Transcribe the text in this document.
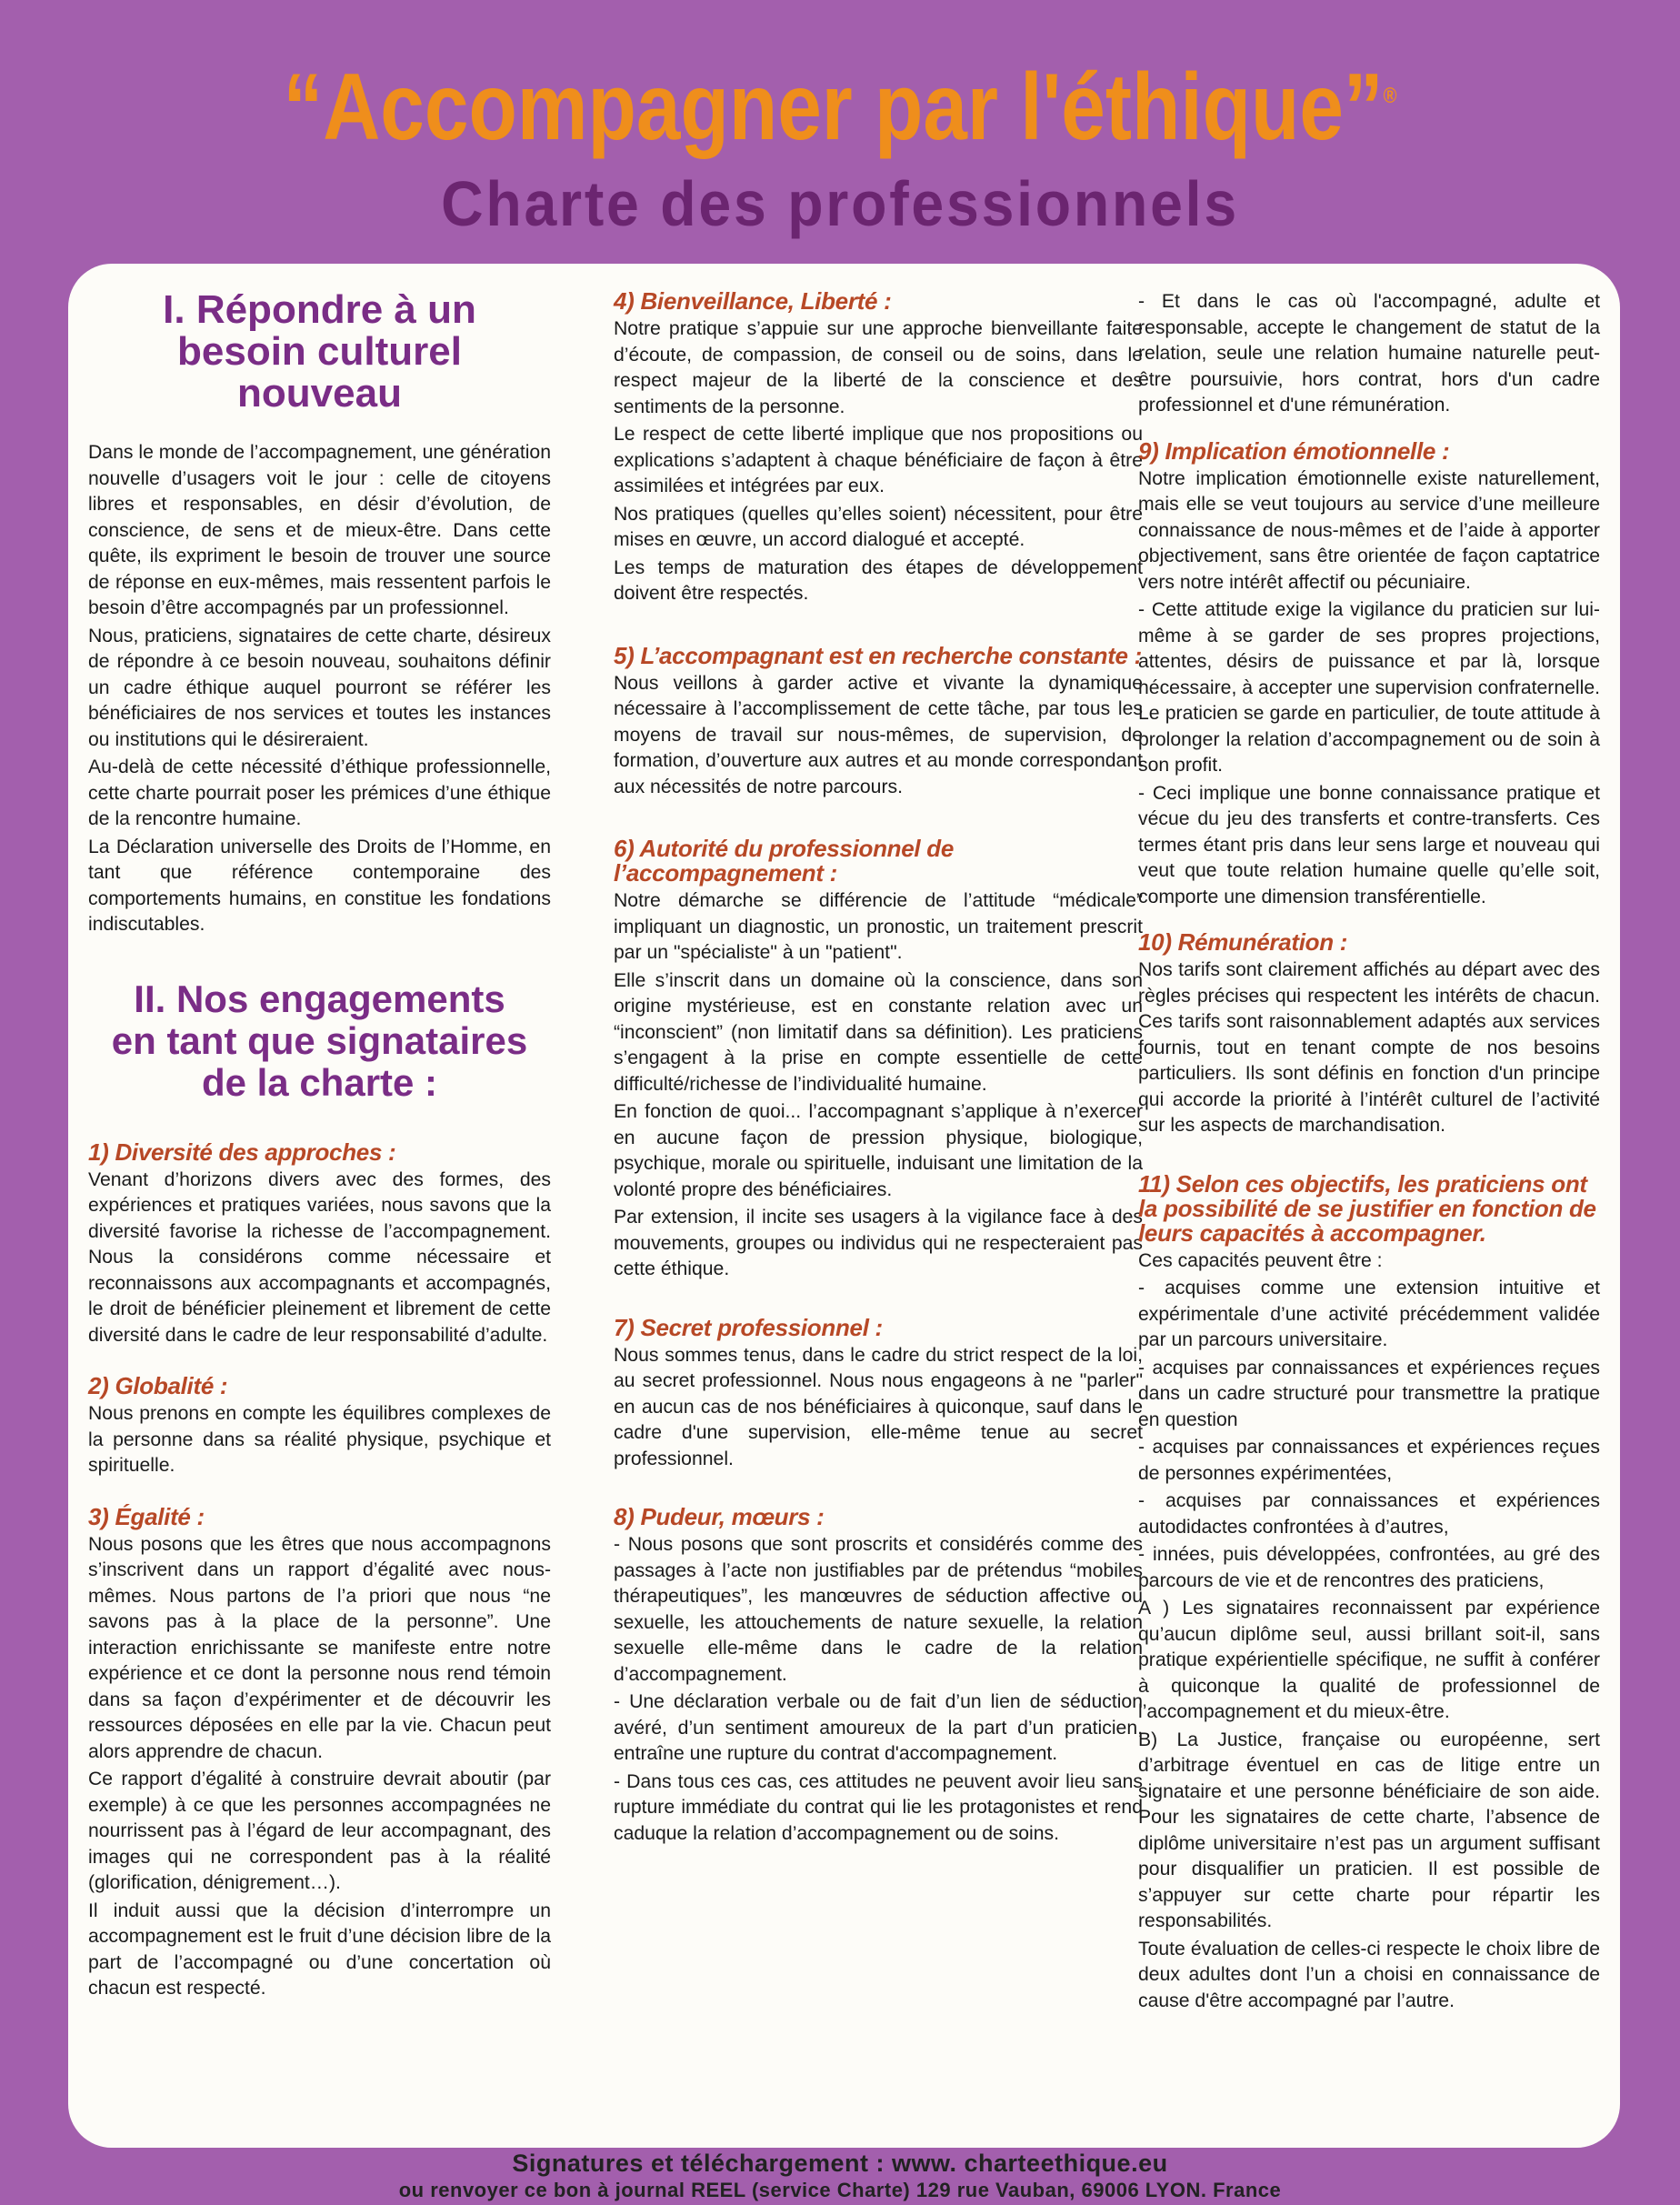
“Accompagner par l'éthique”®
Charte des professionnels
I. Répondre à un
besoin culturel
nouveau

Dans le monde de l’accompagnement, une génération nouvelle d’usagers voit le jour : celle de citoyens libres et responsables, en désir d’évolution, de conscience, de sens et de mieux-être. Dans cette quête, ils expriment le besoin de trouver une source de réponse en eux-mêmes, mais ressentent parfois le besoin d’être accompagnés par un professionnel.

Nous, praticiens, signataires de cette charte, désireux de répondre à ce besoin nouveau, souhaitons définir un cadre éthique auquel pourront se référer les bénéficiaires de nos services et toutes les instances ou institutions qui le désireraient.

Au-delà de cette nécessité d’éthique professionnelle, cette charte pourrait poser les prémices d’une éthique de la rencontre humaine.

La Déclaration universelle des Droits de l’Homme, en tant que référence contemporaine des comportements humains, en constitue les fondations indiscutables.

II. Nos engagements
en tant que signataires
de la charte :
1) Diversité des approches :

Venant d’horizons divers avec des formes, des expériences et pratiques variées, nous savons que la diversité favorise la richesse de l’accompagnement. Nous la considérons comme nécessaire et reconnaissons aux accompagnants et accompagnés, le droit de bénéficier pleinement et librement de cette diversité dans le cadre de leur responsabilité d’adulte.

2) Globalité :

Nous prenons en compte les équilibres complexes de la personne dans sa réalité physique, psychique et spirituelle.

3) Égalité :

Nous posons que les êtres que nous accompagnons s’inscrivent dans un rapport d’égalité avec nous-mêmes. Nous partons de l’a priori que nous “ne savons pas à la place de la personne”. Une interaction enrichissante se manifeste entre notre expérience et ce dont la personne nous rend témoin dans sa façon d’expérimenter et de découvrir les ressources déposées en elle par la vie. Chacun peut alors apprendre de chacun.

Ce rapport d’égalité à construire devrait aboutir (par exemple) à ce que les personnes accompagnées ne nourrissent pas à l’égard de leur accompagnant, des images qui ne correspondent pas à la réalité (glorification, dénigrement…).

Il induit aussi que la décision d’interrompre un accompagnement est le fruit d’une décision libre de la part de l’accompagné ou d’une concertation où chacun est respecté.

4) Bienveillance, Liberté :

Notre pratique s’appuie sur une approche bienveillante faite d’écoute, de compassion, de conseil ou de soins, dans le respect majeur de la liberté de la conscience et des sentiments de la personne.

Le respect de cette liberté implique que nos propositions ou explications s’adaptent à chaque bénéficiaire de façon à être assimilées et intégrées par eux.

Nos pratiques (quelles qu’elles soient) nécessitent, pour être mises en œuvre, un accord dialogué et accepté.

Les temps de maturation des étapes de développement doivent être respectés.

5) L’accompagnant est en recherche constante :

Nous veillons à garder active et vivante la dynamique nécessaire à l’accomplissement de cette tâche, par tous les moyens de travail sur nous-mêmes, de supervision, de formation, d’ouverture aux autres et au monde correspondant aux nécessités de notre parcours.

6) Autorité du professionnel de l’accompagnement :

Notre démarche se différencie de l’attitude “médicale” impliquant un diagnostic, un pronostic, un traitement prescrit par un "spécialiste" à un "patient".

Elle s’inscrit dans un domaine où la conscience, dans son origine mystérieuse, est en constante relation avec un “inconscient” (non limitatif dans sa définition). Les praticiens s’engagent à la prise en compte essentielle de cette difficulté/richesse de l’individualité humaine.

En fonction de quoi... l’accompagnant s’applique à n’exercer en aucune façon de pression physique, biologique, psychique, morale ou spirituelle, induisant une limitation de la volonté propre des bénéficiaires.

Par extension, il incite ses usagers à la vigilance face à des mouvements, groupes ou individus qui ne respecteraient pas cette éthique.

7) Secret professionnel :

Nous sommes tenus, dans le cadre du strict respect de la loi, au secret professionnel. Nous nous engageons à ne "parler" en aucun cas de nos bénéficiaires à quiconque, sauf dans le cadre d'une supervision, elle-même tenue au secret professionnel.

8) Pudeur, mœurs :

- Nous posons que sont proscrits et considérés comme des passages à l’acte non justifiables par de prétendus “mobiles thérapeutiques”, les manœuvres de séduction affective ou sexuelle, les attouchements de nature sexuelle, la relation sexuelle elle-même dans le cadre de la relation d’accompagnement.

- Une déclaration verbale ou de fait d’un lien de séduction avéré, d’un sentiment amoureux de la part d’un praticien, entraîne une rupture du contrat d'accompagnement.

- Dans tous ces cas, ces attitudes ne peuvent avoir lieu sans rupture immédiate du contrat qui lie les protagonistes et rend caduque la relation d’accompagnement ou de soins.

- Et dans le cas où l'accompagné, adulte et responsable, accepte le changement de statut de la relation, seule une relation humaine naturelle peut-être poursuivie, hors contrat, hors d'un cadre professionnel et d'une rémunération.

9) Implication émotionnelle :

Notre implication émotionnelle existe naturellement, mais elle se veut toujours au service d’une meilleure connaissance de nous-mêmes et de l’aide à apporter objectivement, sans être orientée de façon captatrice vers notre intérêt affectif ou pécuniaire.

- Cette attitude exige la vigilance du praticien sur lui-même à se garder de ses propres projections, attentes, désirs de puissance et par là, lorsque nécessaire, à accepter une supervision confraternelle. Le praticien se garde en particulier, de toute attitude à prolonger la relation d’accompagnement ou de soin à son profit.

- Ceci implique une bonne connaissance pratique et vécue du jeu des transferts et contre-transferts. Ces termes étant pris dans leur sens large et nouveau qui veut que toute relation humaine quelle qu’elle soit, comporte une dimension transférentielle.

10) Rémunération :

Nos tarifs sont clairement affichés au départ avec des règles précises qui respectent les intérêts de chacun. Ces tarifs sont raisonnablement adaptés aux services fournis, tout en tenant compte de nos besoins particuliers. Ils sont définis en fonction d'un principe qui accorde la priorité à l’intérêt culturel de l’activité sur les aspects de marchandisation.

11) Selon ces objectifs, les praticiens ont la possibilité de se justifier en fonction de leurs capacités à accompagner.

Ces capacités peuvent être :

- acquises comme une extension intuitive et expérimentale d’une activité précédemment validée par un parcours universitaire.

- acquises par connaissances et expériences reçues dans un cadre structuré pour transmettre la pratique en question

- acquises par connaissances et expériences reçues de personnes expérimentées,

- acquises par connaissances et expériences autodidactes confrontées à d’autres,

- innées, puis développées, confrontées, au gré des parcours de vie et de rencontres des praticiens,

A ) Les signataires reconnaissent par expérience qu’aucun diplôme seul, aussi brillant soit-il, sans pratique expérientielle spécifique, ne suffit à conférer à quiconque la qualité de professionnel de l’accompagnement et du mieux-être.

B) La Justice, française ou européenne, sert d’arbitrage éventuel en cas de litige entre un signataire et une personne bénéficiaire de son aide. Pour les signataires de cette charte, l’absence de diplôme universitaire n’est pas un argument suffisant pour disqualifier un praticien. Il est possible de s’appuyer sur cette charte pour répartir les responsabilités.

Toute évaluation de celles-ci respecte le choix libre de deux adultes dont l’un a choisi en connaissance de cause d'être accompagné par l’autre.

Signatures et téléchargement : www. charteethique.eu
ou renvoyer ce bon à journal REEL (service Charte) 129 rue Vauban, 69006 LYON. France
